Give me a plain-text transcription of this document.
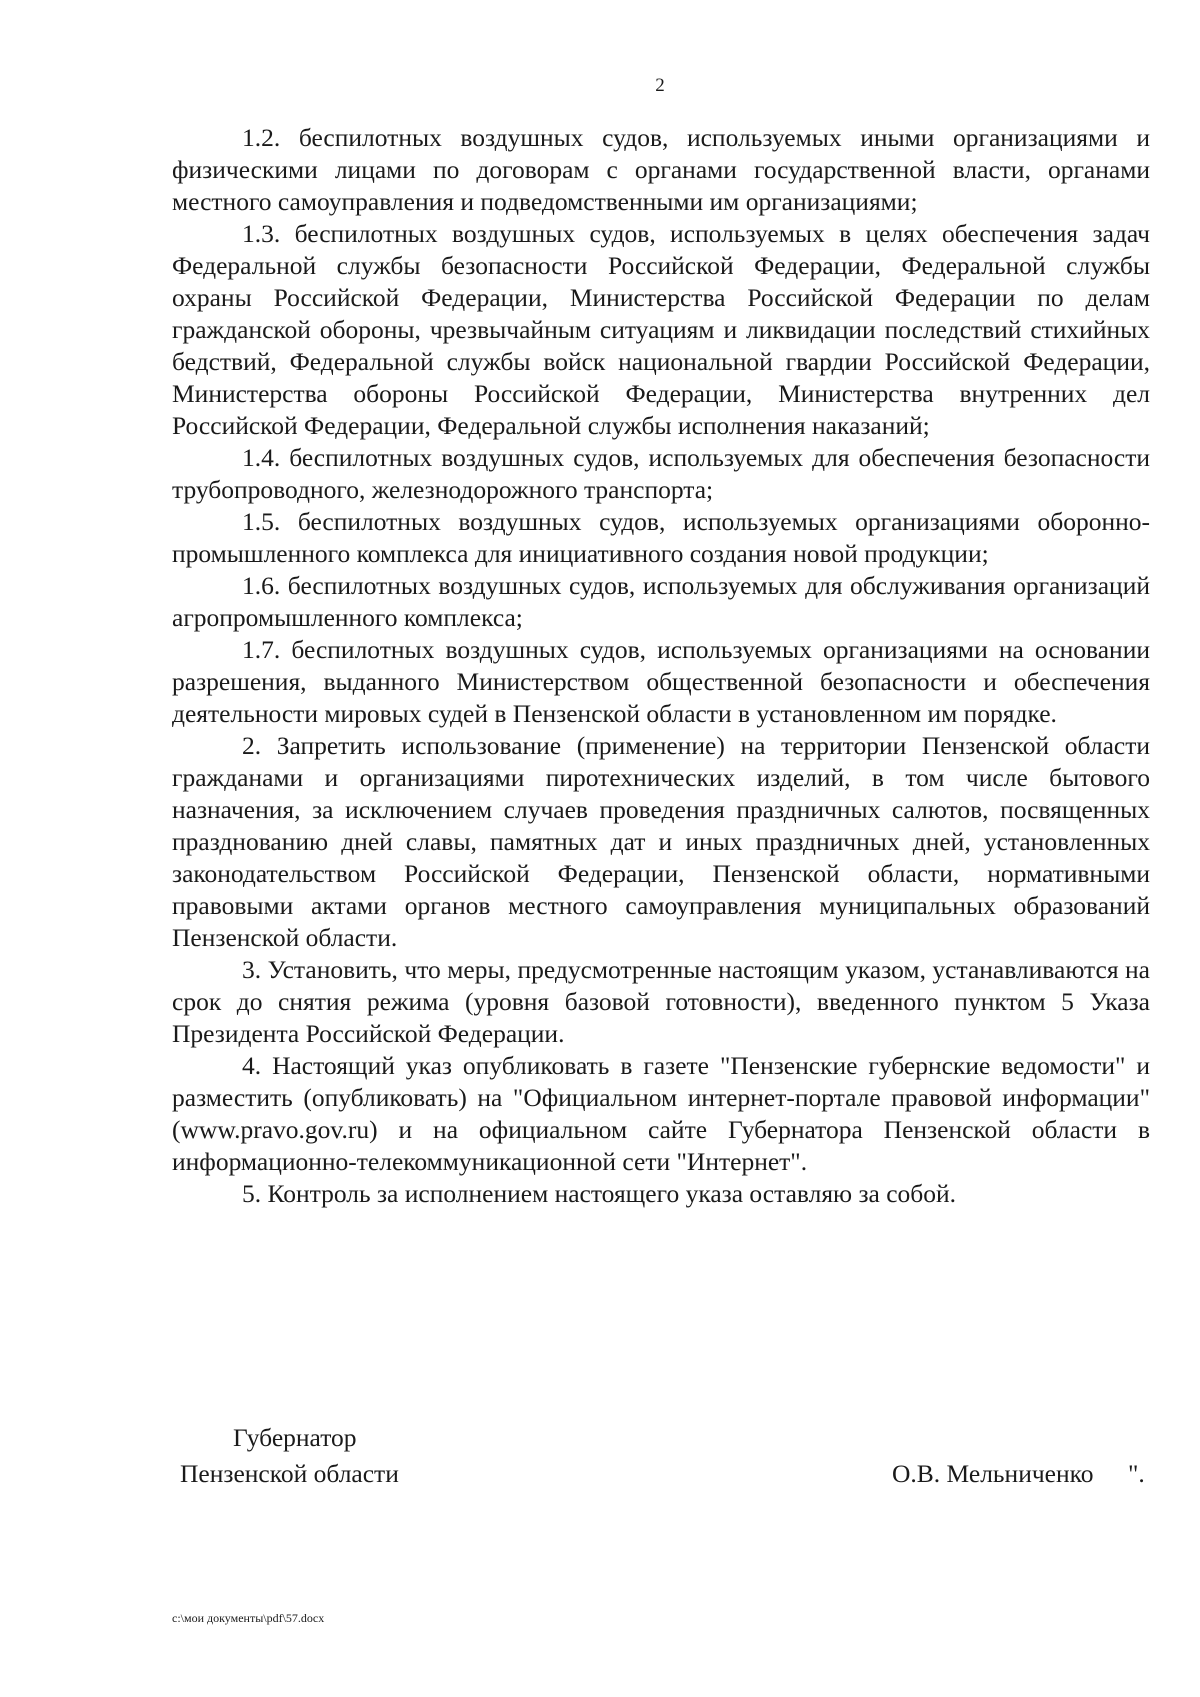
2

1.2. беспилотных воздушных судов, используемых иными организациями и физическими лицами по договорам с органами государственной власти, органами местного самоуправления и подведомственными им организациями;

1.3. беспилотных воздушных судов, используемых в целях обеспечения задач Федеральной службы безопасности Российской Федерации, Федеральной службы охраны Российской Федерации, Министерства Российской Федерации по делам гражданской обороны, чрезвычайным ситуациям и ликвидации последствий стихийных бедствий, Федеральной службы войск национальной гвардии Российской Федерации, Министерства обороны Российской Федерации, Министерства внутренних дел Российской Федерации, Федеральной службы исполнения наказаний;

1.4. беспилотных воздушных судов, используемых для обеспечения безопасности трубопроводного, железнодорожного транспорта;

1.5. беспилотных воздушных судов, используемых организациями оборонно-промышленного комплекса для инициативного создания новой продукции;

1.6. беспилотных воздушных судов, используемых для обслуживания организаций агропромышленного комплекса;

1.7. беспилотных воздушных судов, используемых организациями на основании разрешения, выданного Министерством общественной безопасности и обеспечения деятельности мировых судей в Пензенской области в установленном им порядке.

2. Запретить использование (применение) на территории Пензенской области гражданами и организациями пиротехнических изделий, в том числе бытового назначения, за исключением случаев проведения праздничных салютов, посвященных празднованию дней славы, памятных дат и иных праздничных дней, установленных законодательством Российской Федерации, Пензенской области, нормативными правовыми актами органов местного самоуправления муниципальных образований Пензенской области.

3. Установить, что меры, предусмотренные настоящим указом, устанавливаются на срок до снятия режима (уровня базовой готовности), введенного пунктом 5 Указа Президента Российской Федерации.

4. Настоящий указ опубликовать в газете "Пензенские губернские ведомости" и разместить (опубликовать) на "Официальном интернет-портале правовой информации" (www.pravo.gov.ru) и на официальном сайте Губернатора Пензенской области в информационно-телекоммуникационной сети "Интернет".

5. Контроль за исполнением настоящего указа оставляю за собой.

Губернатор
Пензенской области	О.В. Мельниченко ".
c:\мои документы\pdf\57.docx
